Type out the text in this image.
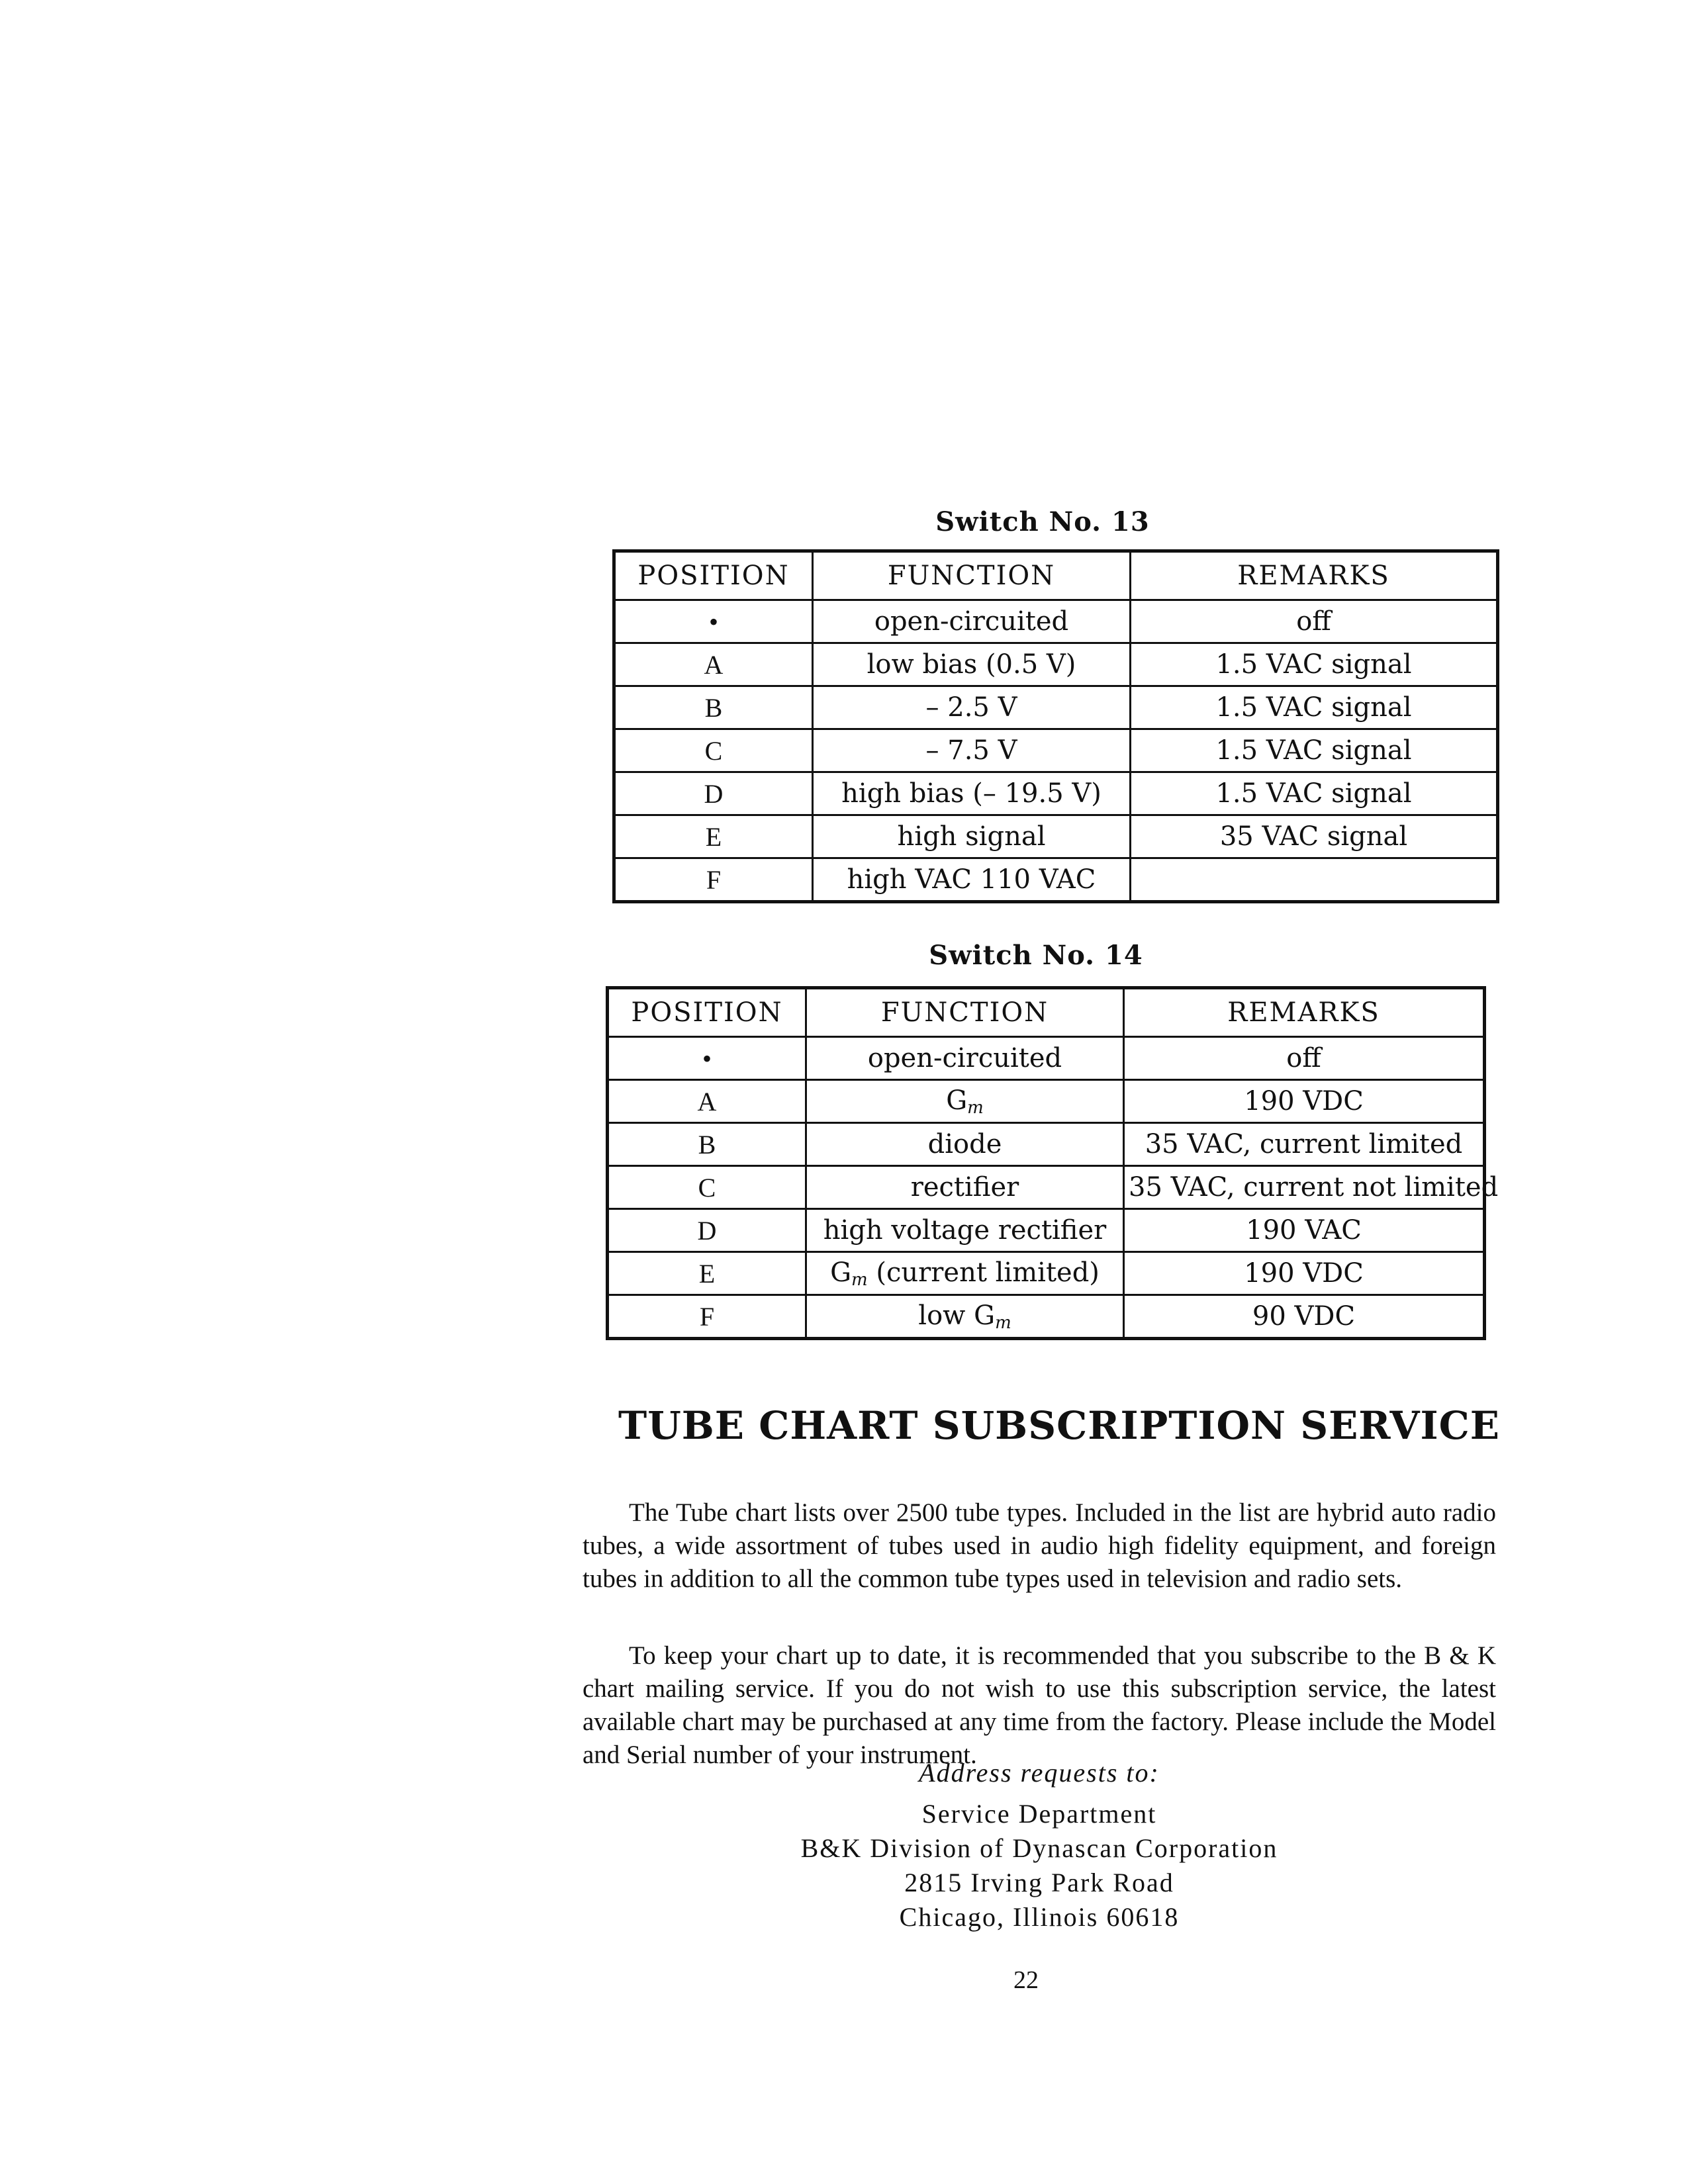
Switch No. 13
POSITION	FUNCTION	REMARKS
•	open-circuited	off
A	low bias (0.5 V)	1.5 VAC signal
B	– 2.5 V	1.5 VAC signal
C	– 7.5 V	1.5 VAC signal
D	high bias (– 19.5 V)	1.5 VAC signal
E	high signal	35 VAC signal
F	high VAC 110 VAC	
Switch No. 14
POSITION	FUNCTION	REMARKS
•	open-circuited	off
A	$G_m$	190 VDC
B	diode	35 VAC, current limited
C	rectifier	35 VAC, current not limited
D	high voltage rectifier	190 VAC
E	$G_m$ (current limited)	190 VDC
F	low $G_m$	90 VDC
TUBE CHART SUBSCRIPTION SERVICE

The Tube chart lists over 2500 tube types. Included in the list are hybrid auto radio tubes, a wide assortment of tubes used in audio high fidelity equipment, and foreign tubes in addition to all the common tube types used in television and radio sets.

To keep your chart up to date, it is recommended that you subscribe to the B & K chart mailing service. If you do not wish to use this subscription service, the latest available chart may be purchased at any time from the factory. Please include the Model and Serial number of your instrument.

Address requests to:
Service Department
B&K Division of Dynascan Corporation
2815 Irving Park Road
Chicago, Illinois 60618
22
